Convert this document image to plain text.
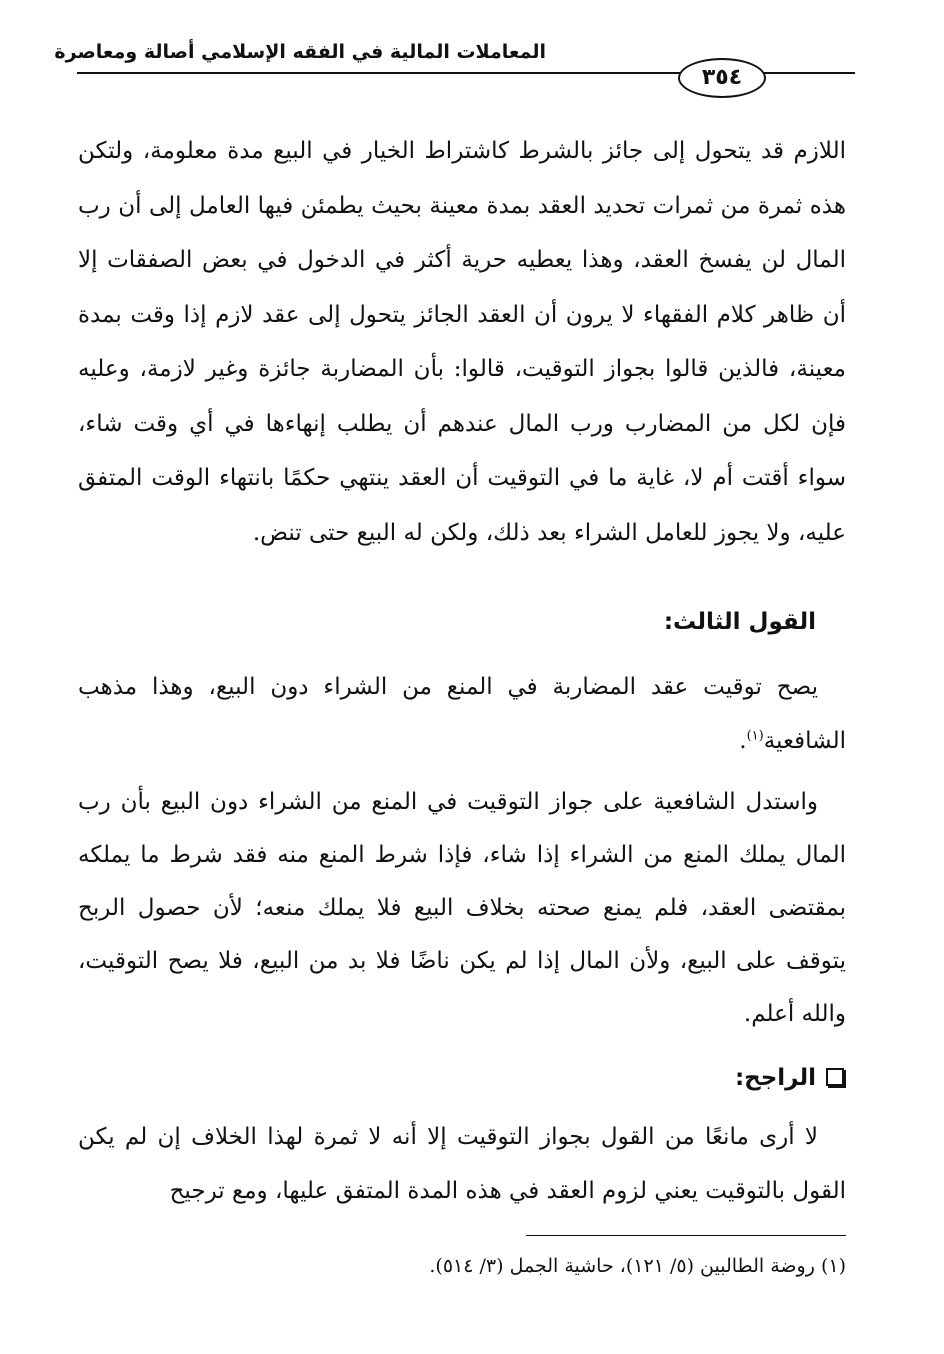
المعاملات المالية في الفقه الإسلامي أصالة ومعاصرة
٣٥٤
اللازم قد يتحول إلى جائز بالشرط كاشتراط الخيار في البيع مدة معلومة، ولتكن هذه ثمرة من ثمرات تحديد العقد بمدة معينة بحيث يطمئن فيها العامل إلى أن رب المال لن يفسخ العقد، وهذا يعطيه حرية أكثر في الدخول في بعض الصفقات إلا أن ظاهر كلام الفقهاء لا يرون أن العقد الجائز يتحول إلى عقد لازم إذا وقت بمدة معينة، فالذين قالوا بجواز التوقيت، قالوا: بأن المضاربة جائزة وغير لازمة، وعليه فإن لكل من المضارب ورب المال عندهم أن يطلب إنهاءها في أي وقت شاء، سواء أقتت أم لا، غاية ما في التوقيت أن العقد ينتهي حكمًا بانتهاء الوقت المتفق عليه، ولا يجوز للعامل الشراء بعد ذلك، ولكن له البيع حتى تنض.
القول الثالث:
يصح توقيت عقد المضاربة في المنع من الشراء دون البيع، وهذا مذهب الشافعية$^{(١)}$.
واستدل الشافعية على جواز التوقيت في المنع من الشراء دون البيع بأن رب المال يملك المنع من الشراء إذا شاء، فإذا شرط المنع منه فقد شرط ما يملكه بمقتضى العقد، فلم يمنع صحته بخلاف البيع فلا يملك منعه؛ لأن حصول الربح يتوقف على البيع، ولأن المال إذا لم يكن ناضًا فلا بد من البيع، فلا يصح التوقيت، والله أعلم.
الراجح:
لا أرى مانعًا من القول بجواز التوقيت إلا أنه لا ثمرة لهذا الخلاف إن لم يكن القول بالتوقيت يعني لزوم العقد في هذه المدة المتفق عليها، ومع ترجيح
(١) روضة الطالبين (٥/ ١٢١)، حاشية الجمل (٣/ ٥١٤).
